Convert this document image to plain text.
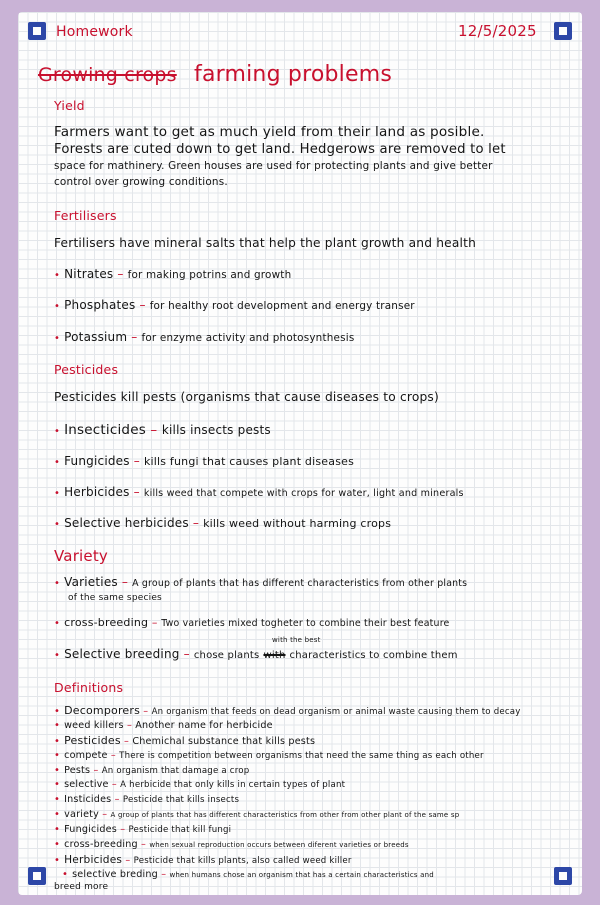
Homework	12/5/2025
Growing crops farming problems
Yield
Farmers want to get as much yield from their land as posible.
Forests are cuted down to get land. Hedgerows are removed to let
space for mathinery. Green houses are used for protecting plants and give better
control over growing conditions.
Fertilisers
Fertilisers have mineral salts that help the plant growth and health
• Nitrates – for making potrins and growth
• Phosphates – for healthy root development and energy transer
• Potassium – for enzyme activity and photosynthesis
Pesticides
Pesticides kill pests (organisms that cause diseases to crops)
• Insecticides – kills insects pests
• Fungicides – kills fungi that causes plant diseases
• Herbicides – kills weed that compete with crops for water, light and minerals
• Selective herbicides – kills weed without harming crops
Variety
• Varieties – A group of plants that has different characteristics from other plants
of the same species
• cross-breeding – Two varieties mixed togheter to combine their best feature
with the best
• Selective breeding – chose plants with characteristics to combine them
Definitions
• Decomporers – An organism that feeds on dead organism or animal waste causing them to decay
• weed killers – Another name for herbicide
• Pesticides – Chemichal substance that kills pests
• compete – There is competition between organisms that need the same thing as each other
• Pests – An organism that damage a crop
• selective – A herbicide that only kills in certain types of plant
• Insticides – Pesticide that kills insects
• variety – A group of plants that has different characteristics from other from other plant of the same sp
• Fungicides – Pesticide that kill fungi
• cross-breeding – when sexual reproduction occurs between diferent varieties or breeds
• Herbicides – Pesticide that kills plants, also called weed killer
• selective breding – when humans chose an organism that has a certain characteristics and
breed more
